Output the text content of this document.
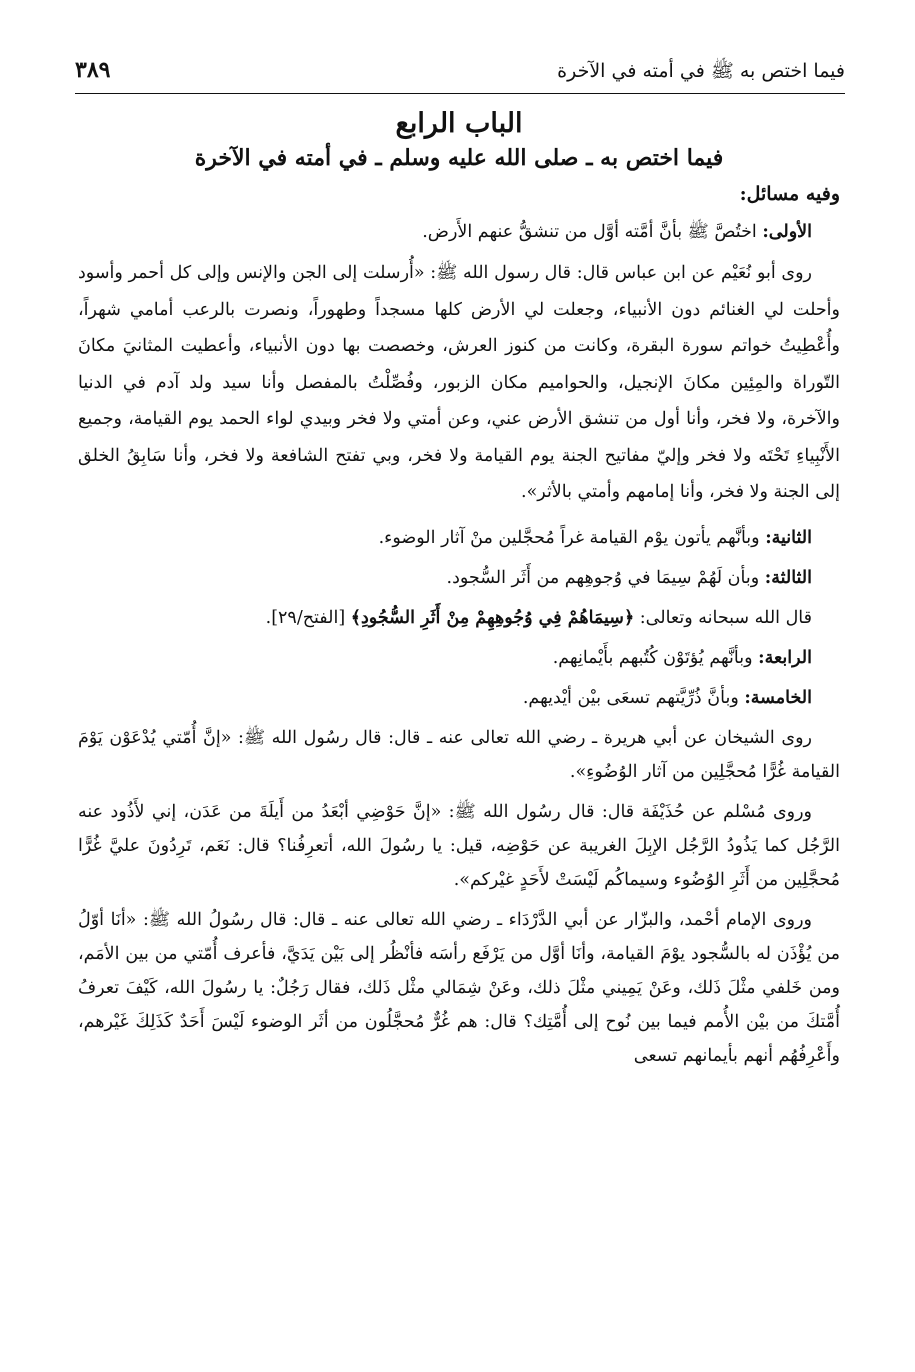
فيما اختص به ﷺ في أمته في الآخرة
٣٨٩
الباب الرابع
فيما اختص به ـ صلى الله عليه وسلم ـ في أمته في الآخرة
وفيه مسائل:

الأولى: اختُصَّ ﷺ بأنَّ أمَّته أوَّل من تنشقُّ عنهم الأَرض.

روى أبو نُعَيْم عن ابن عباس قال: قال رسول الله ﷺ: «أُرسلت إلى الجن والإنس وإلى كل أحمر وأسود وأحلت لي الغنائم دون الأنبياء، وجعلت لي الأرض كلها مسجداً وطهوراً، ونصرت بالرعب أمامي شهراً، وأُعْطِيتُ خواتم سورة البقرة، وكانت من كنوز العرش، وخصصت بها دون الأنبياء، وأعطيت المثانيَ مكانَ التّوراة والمِئِين مكانَ الإنجيل، والحواميم مكان الزبور، وفُصِّلْتُ بالمفصل وأنا سيد ولد آدم في الدنيا والآخرة، ولا فخر، وأنا أول من تنشق الأرض عني، وعن أمتي ولا فخر وبيدي لواء الحمد يوم القيامة، وجميع الأَنْبِياءِ تَحْتَه ولا فخر وإليّ مفاتيح الجنة يوم القيامة ولا فخر، وبي تفتح الشافعة ولا فخر، وأنا سَابِقُ الخلق إلى الجنة ولا فخر، وأنا إمامهم وأمتي بالأثر».

الثانية: وبأنَّهم يأتون يوْم القيامة غراً مُحجَّلين منْ آثار الوضوء.

الثالثة: وبأن لَهُمْ سِيمَا في وُجوهِهم من أَثَر السُّجود.

قال الله سبحانه وتعالى: ﴿سِيمَاهُمْ فِي وُجُوهِهِمْ مِنْ أَثَرِ السُّجُودِ﴾ [الفتح/٢٩].

الرابعة: وبأنَّهم يُؤتَوْن كُتُبهم بأَيْمانِهم.

الخامسة: وبأنَّ ذُرِّيَّتهم تسعَى بيْن أيْديهم.

روى الشيخان عن أبي هريرة ـ رضي الله تعالى عنه ـ قال: قال رسُول الله ﷺ: «إنَّ أُمّتي يُدْعَوْن يَوْمَ القيامة غُرًّا مُحجَّلِين من آثار الوُضُوءِ».

وروى مُسْلم عن حُذَيْفَة قال: قال رسُول الله ﷺ: «إنَّ حَوْضِي أبْعَدُ من أَيلَةَ من عَدَن، إني لأَذُود عنه الرَّجُل كما يَذُودُ الرَّجُل الإبِلَ الغريبة عن حَوْضِه، قيل: يا رسُولَ الله، أتعرِفُنا؟ قال: نَعَم، تَرِدُونَ عليَّ غُرًّا مُحجَّلِين من أَثَرِ الوُضُوء وسيماكُم لَيْسَتْ لأَحَدٍ غيْركم».

وروى الإمام أحْمد، والبزّار عن أبي الدَّرْدَاء ـ رضي الله تعالى عنه ـ قال: قال رسُولُ الله ﷺ: «أنَا أوّلُ من يُؤْذَن له بالسُّجود يوْمَ القيامة، وأنَا أوَّل من يَرْفَع رأسَه فأنْظُر إلى بَيْن يَدَيَّ، فأعرف أُمّتي من بين الأمَم، ومن خَلفي مثْلَ ذَلك، وعَنْ يَمِيني مثْلَ ذلك، وعَنْ شِمَالي مثْل ذَلك، فقال رَجُلٌ: يا رسُولَ الله، كَيْفَ تعرفُ أُمَّتكَ من بيْن الأُمم فيما بين نُوح إلى أُمَّتِك؟ قال: هم غُرٌّ مُحجَّلُون من أثَر الوضوء لَيْسَ أَحَدٌ كَذَلِكَ غَيْرهم، وأَعْرِفُهُم أنهم بأيمانهم تسعى
